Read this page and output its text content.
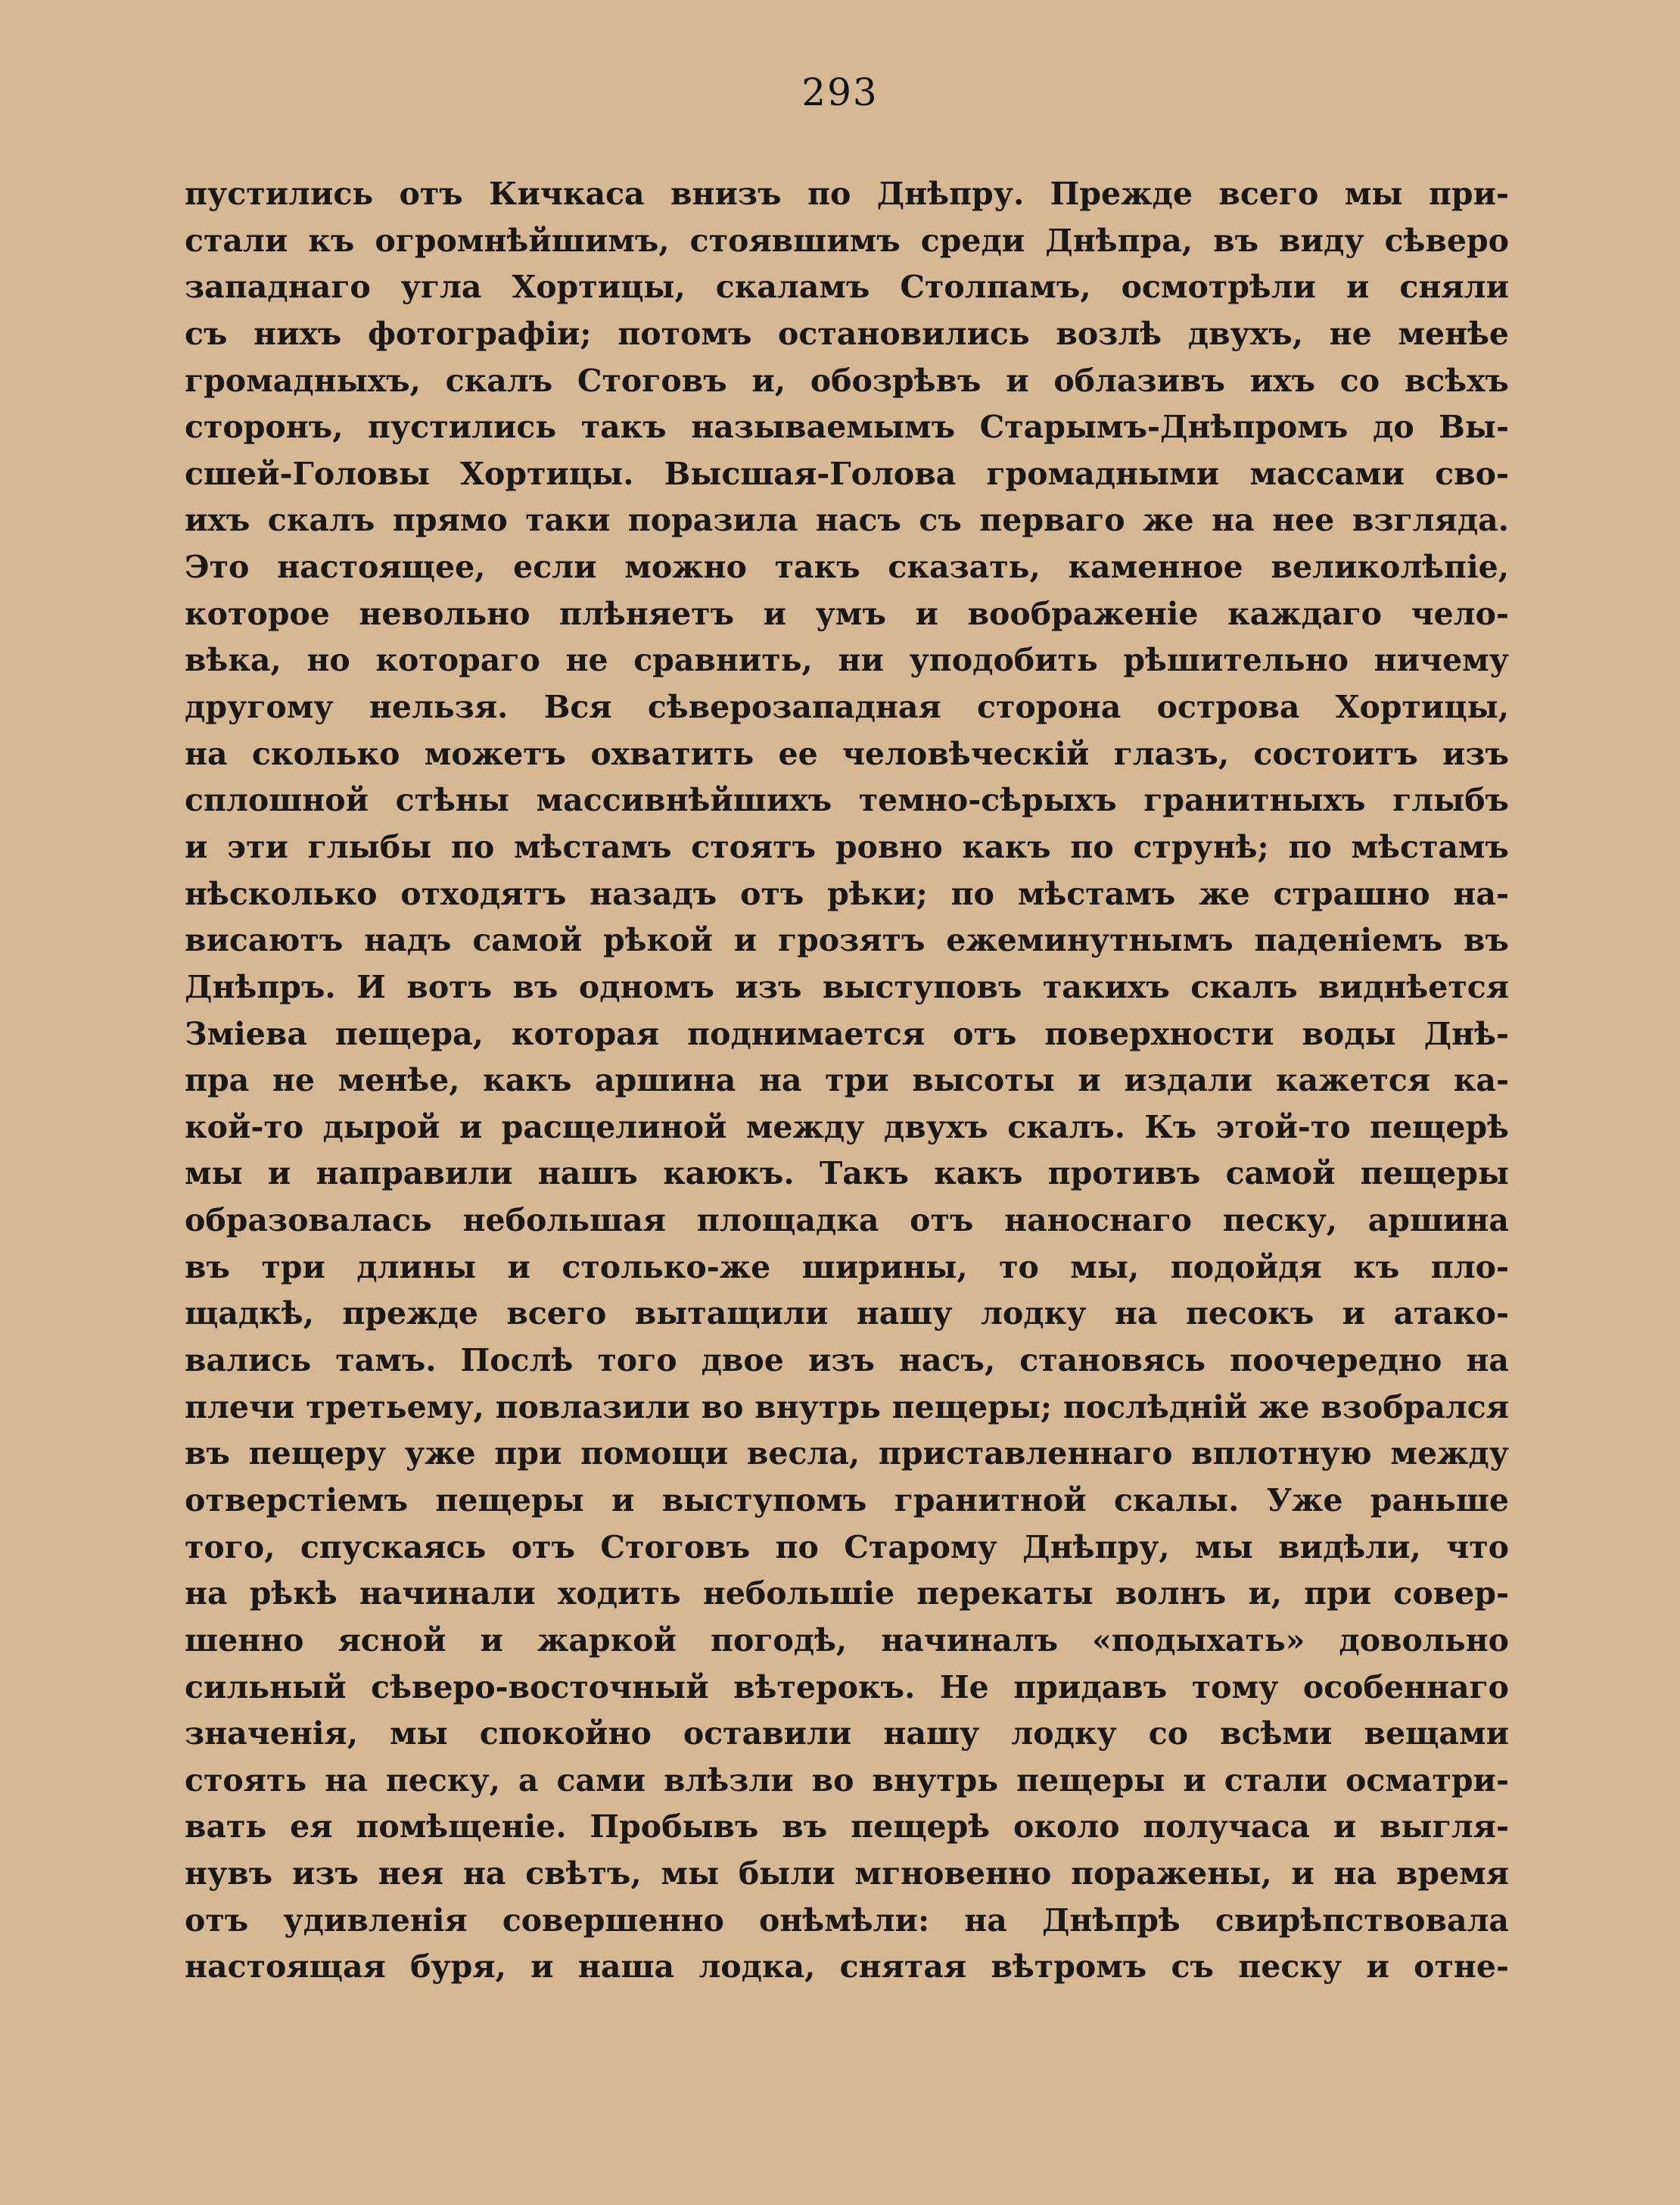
293
пустились отъ Кичкаса внизъ по Днѣпру. Прежде всего мы при-
стали къ огромнѣйшимъ, стоявшимъ среди Днѣпра, въ виду сѣверо
западнаго угла Хортицы, скаламъ Столпамъ, осмотрѣли и сняли
съ нихъ фотографіи; потомъ остановились возлѣ двухъ, не менѣе
громадныхъ, скалъ Стоговъ и, обозрѣвъ и облазивъ ихъ со всѣхъ
сторонъ, пустились такъ называемымъ Старымъ-Днѣпромъ до Вы-
сшей-Головы Хортицы. Высшая-Голова громадными массами сво-
ихъ скалъ прямо таки поразила насъ съ перваго же на нее взгляда.
Это настоящее, если можно такъ сказать, каменное великолѣпіе,
которое невольно плѣняетъ и умъ и воображеніе каждаго чело-
вѣка, но котораго не сравнить, ни уподобить рѣшительно ничему
другому нельзя. Вся сѣверозападная сторона острова Хортицы,
на сколько можетъ охватить ее человѣческій глазъ, состоитъ изъ
сплошной стѣны массивнѣйшихъ темно-сѣрыхъ гранитныхъ глыбъ
и эти глыбы по мѣстамъ стоятъ ровно какъ по струнѣ; по мѣстамъ
нѣсколько отходятъ назадъ отъ рѣки; по мѣстамъ же страшно на-
висаютъ надъ самой рѣкой и грозятъ ежеминутнымъ паденіемъ въ
Днѣпръ. И вотъ въ одномъ изъ выступовъ такихъ скалъ виднѣется
Зміева пещера, которая поднимается отъ поверхности воды Днѣ-
пра не менѣе, какъ аршина на три высоты и издали кажется ка-
кой-то дырой и расщелиной между двухъ скалъ. Къ этой-то пещерѣ
мы и направили нашъ каюкъ. Такъ какъ противъ самой пещеры
образовалась небольшая площадка отъ наноснаго песку, аршина
въ три длины и столько-же ширины, то мы, подойдя къ пло-
щадкѣ, прежде всего вытащили нашу лодку на песокъ и атако-
вались тамъ. Послѣ того двое изъ насъ, становясь поочередно на
плечи третьему, повлазили во внутрь пещеры; послѣдній же взобрался
въ пещеру уже при помощи весла, приставленнаго вплотную между
отверстіемъ пещеры и выступомъ гранитной скалы. Уже раньше
того, спускаясь отъ Стоговъ по Старому Днѣпру, мы видѣли, что
на рѣкѣ начинали ходить небольшіе перекаты волнъ и, при совер-
шенно ясной и жаркой погодѣ, начиналъ «подыхать» довольно
сильный сѣверо-восточный вѣтерокъ. Не придавъ тому особеннаго
значенія, мы спокойно оставили нашу лодку со всѣми вещами
стоять на песку, а сами влѣзли во внутрь пещеры и стали осматри-
вать ея помѣщеніе. Пробывъ въ пещерѣ около получаса и выгля-
нувъ изъ нея на свѣтъ, мы были мгновенно поражены, и на время
отъ удивленія совершенно онѣмѣли: на Днѣпрѣ свирѣпствовала
настоящая буря, и наша лодка, снятая вѣтромъ съ песку и отне-
